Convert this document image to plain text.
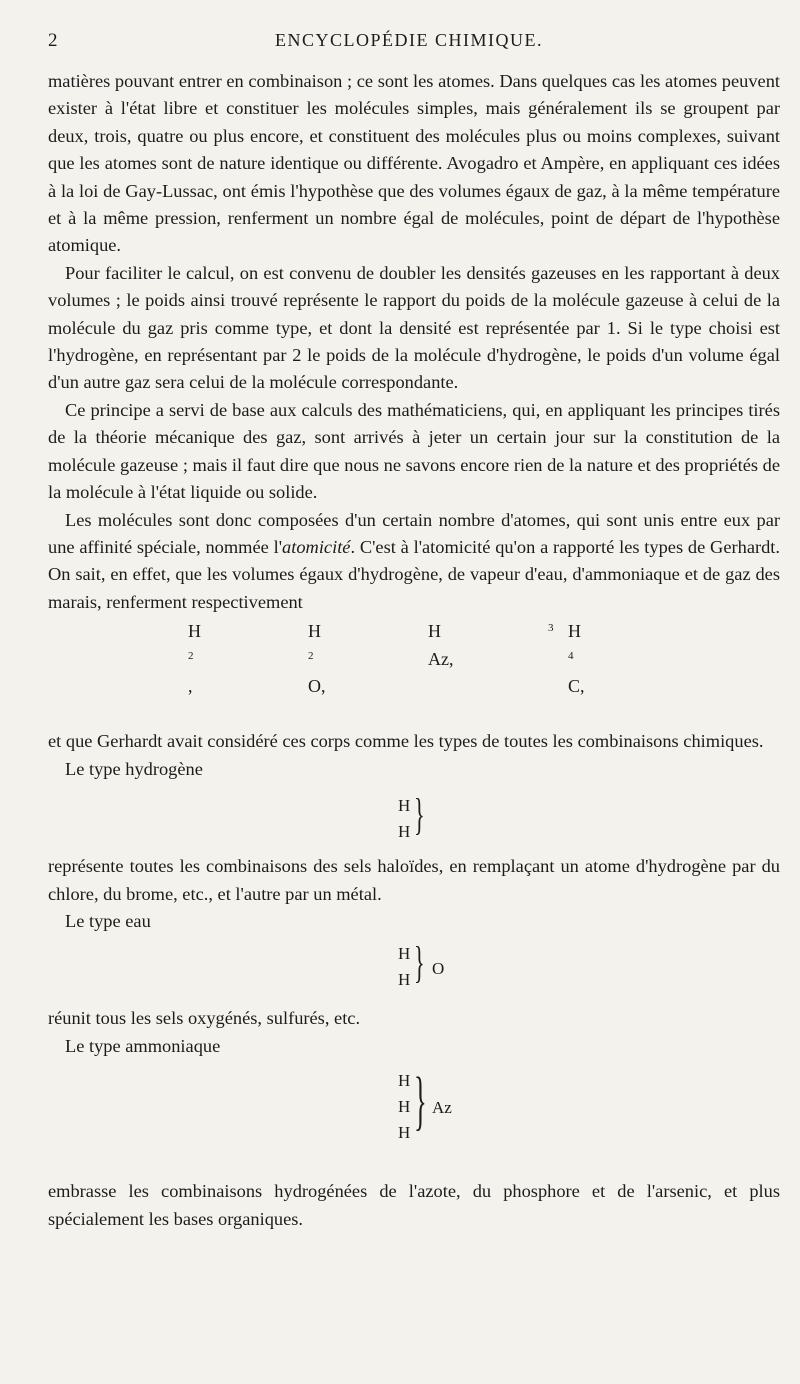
2	ENCYCLOPÉDIE CHIMIQUE.

matières pouvant entrer en combinaison ; ce sont les atomes. Dans quelques cas les atomes peuvent exister à l'état libre et constituer les molécules simples, mais généralement ils se groupent par deux, trois, quatre ou plus encore, et constituent des molécules plus ou moins complexes, suivant que les atomes sont de nature identique ou différente. Avogadro et Ampère, en appliquant ces idées à la loi de Gay-Lussac, ont émis l'hypothèse que des volumes égaux de gaz, à la même température et à la même pression, renferment un nombre égal de molécules, point de départ de l'hypothèse atomique.

Pour faciliter le calcul, on est convenu de doubler les densités gazeuses en les rapportant à deux volumes ; le poids ainsi trouvé représente le rapport du poids de la molécule gazeuse à celui de la molécule du gaz pris comme type, et dont la densité est représentée par 1. Si le type choisi est l'hydrogène, en représentant par 2 le poids de la molécule d'hydrogène, le poids d'un volume égal d'un autre gaz sera celui de la molécule correspondante.

Ce principe a servi de base aux calculs des mathématiciens, qui, en appliquant les principes tirés de la théorie mécanique des gaz, sont arrivés à jeter un certain jour sur la constitution de la molécule gazeuse ; mais il faut dire que nous ne savons encore rien de la nature et des propriétés de la molécule à l'état liquide ou solide.

Les molécules sont donc composées d'un certain nombre d'atomes, qui sont unis entre eux par une affinité spéciale, nommée l'atomicité. C'est à l'atomicité qu'on a rapporté les types de Gerhardt. On sait, en effet, que les volumes égaux d'hydrogène, de vapeur d'eau, d'ammoniaque et de gaz des marais, renferment respectivement

$H^2$,
$H^2O$,
H	$^3$Az,
$H^4C$,

et que Gerhardt avait considéré ces corps comme les types de toutes les combinaisons chimiques.

Le type hydrogène

H
H }

représente toutes les combinaisons des sels haloïdes, en remplaçant un atome d'hydrogène par du chlore, du brome, etc., et l'autre par un métal.

Le type eau

H
H } O

réunit tous les sels oxygénés, sulfurés, etc.

Le type ammoniaque

H
H
H } Az

embrasse les combinaisons hydrogénées de l'azote, du phosphore et de l'arsenic, et plus spécialement les bases organiques.
